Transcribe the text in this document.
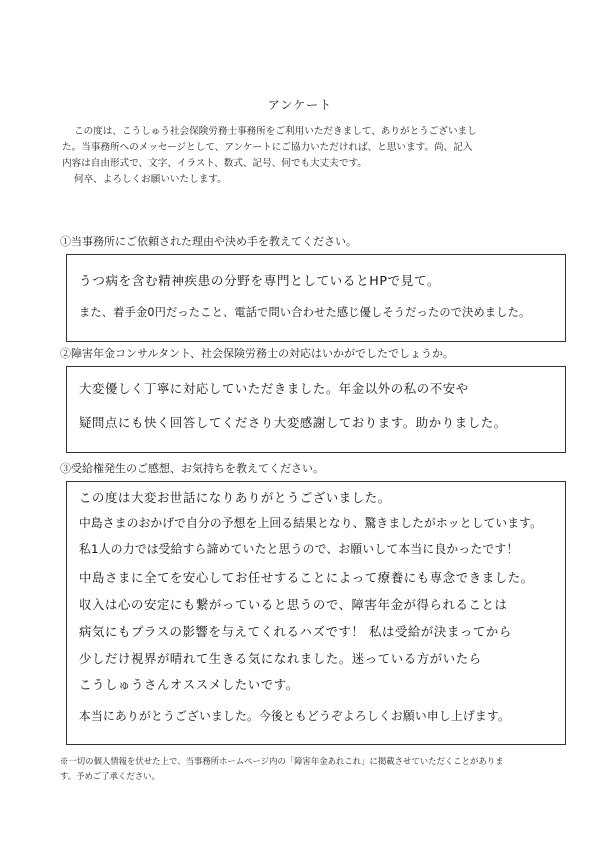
アンケート

この度は、こうしゅう社会保険労務士事務所をご利用いただきまして、ありがとうございまし

た。当事務所へのメッセージとして、アンケートにご協力いただければ、と思います。尚、記入

内容は自由形式で、文字、イラスト、数式、記号、何でも大丈夫です。

何卒、よろしくお願いいたします。

①当事務所にご依頼された理由や決め手を教えてください。
うつ病を含む精神疾患の分野を専門としているとHPで見て。
また、着手金0円だったこと、電話で問い合わせた感じ優しそうだったので決めました。
②障害年金コンサルタント、社会保険労務士の対応はいかがでしたでしょうか。
大変優しく丁寧に対応していただきました。年金以外の私の不安や
疑問点にも快く回答してくださり大変感謝しております。助かりました。
③受給権発生のご感想、お気持ちを教えてください。
この度は大変お世話になりありがとうございました。
中島さまのおかげで自分の予想を上回る結果となり、驚きましたがホッとしています。
私1人の力では受給すら諦めていたと思うので、お願いして本当に良かったです！
中島さまに全てを安心してお任せすることによって療養にも専念できました。
収入は心の安定にも繋がっていると思うので、障害年金が得られることは
病気にもプラスの影響を与えてくれるハズです！ 私は受給が決まってから
少しだけ視界が晴れて生きる気になれました。迷っている方がいたら
こうしゅうさんオススメしたいです。
本当にありがとうございました。今後ともどうぞよろしくお願い申し上げます。

※一切の個人情報を伏せた上で、当事務所ホームページ内の「障害年金あれこれ」に掲載させていただくことがありま

す。予めご了承ください。
